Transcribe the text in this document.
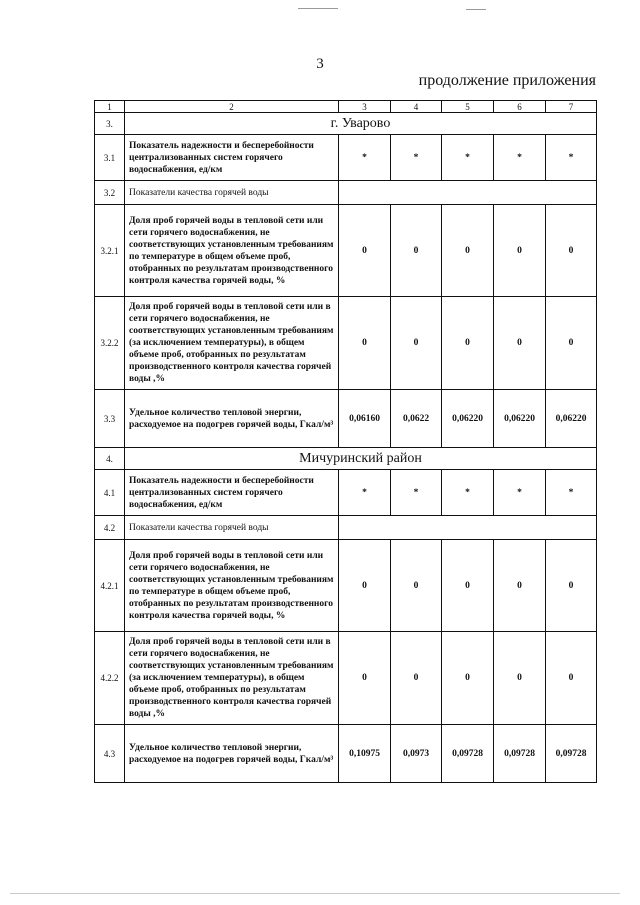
3
продолжение приложения
1	2	3	4	5	6	7
3.	г. Уварово					
3.1	Показатель надежности и бесперебойности централизованных систем горячего водоснабжения, ед/км	*	*	*	*	*
3.2	Показатели качества горячей воды					
3.2.1	Доля проб горячей воды в тепловой сети или сети горячего водоснабжения, не соответствующих установленным требованиям по температуре в общем объеме проб, отобранных по результатам производственного контроля качества горячей воды, %	0	0	0	0	0
3.2.2	Доля проб горячей воды в тепловой сети или в сети горячего водоснабжения, не соответствующих установленным требованиям (за исключением температуры), в общем объеме проб, отобранных по результатам производственного контроля качества горячей воды ,%	0	0	0	0	0
3.3	Удельное количество тепловой энергии, расходуемое на подогрев горячей воды, Гкал/м³	0,06160	0,0622	0,06220	0,06220	0,06220
4.	Мичуринский район					
4.1	Показатель надежности и бесперебойности централизованных систем горячего водоснабжения, ед/км	*	*	*	*	*
4.2	Показатели качества горячей воды					
4.2.1	Доля проб горячей воды в тепловой сети или сети горячего водоснабжения, не соответствующих установленным требованиям по температуре в общем объеме проб, отобранных по результатам производственного контроля качества горячей воды, %	0	0	0	0	0
4.2.2	Доля проб горячей воды в тепловой сети или в сети горячего водоснабжения, не соответствующих установленным требованиям (за исключением температуры), в общем объеме проб, отобранных по результатам производственного контроля качества горячей воды ,%	0	0	0	0	0
4.3	Удельное количество тепловой энергии, расходуемое на подогрев горячей воды, Гкал/м³	0,10975	0,0973	0,09728	0,09728	0,09728
